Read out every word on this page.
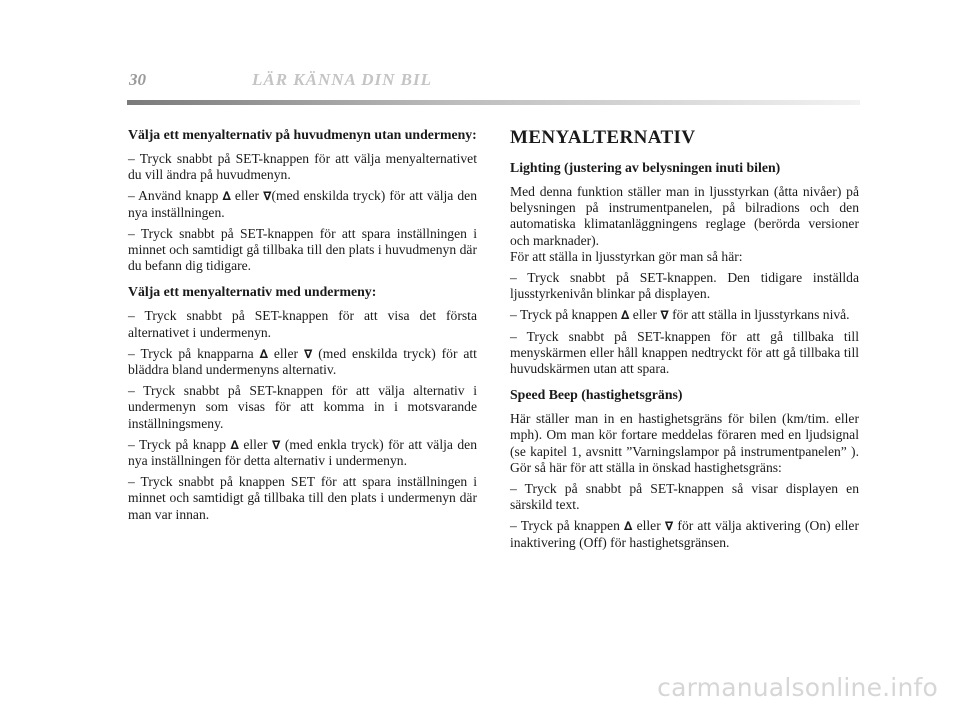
30	LÄR KÄNNA DIN BIL
Välja ett menyalternativ på huvudmenyn utan undermeny:

– Tryck snabbt på SET-knappen för att välja menyalternativet du vill ändra på huvudmenyn.

– Använd knapp ∆ eller ∇(med enskilda tryck) för att välja den nya inställningen.

– Tryck snabbt på SET-knappen för att spara inställningen i minnet och samtidigt gå tillbaka till den plats i huvudmenyn där du befann dig tidigare.

Välja ett menyalternativ med undermeny:

– Tryck snabbt på SET-knappen för att visa det första alternativet i undermenyn.

– Tryck på knapparna ∆ eller ∇ (med enskilda tryck) för att bläddra bland undermenyns alternativ.

– Tryck snabbt på SET-knappen för att välja alternativ i undermenyn som visas för att komma in i motsvarande inställningsmeny.

– Tryck på knapp ∆ eller ∇ (med enkla tryck) för att välja den nya inställningen för detta alternativ i undermenyn.

– Tryck snabbt på knappen SET för att spara inställningen i minnet och samtidigt gå tillbaka till den plats i undermenyn där man var innan.

MENYALTERNATIV
Lighting (justering av belysningen inuti bilen)

Med denna funktion ställer man in ljusstyrkan (åtta nivåer) på belysningen på instrumentpanelen, på bilradions och den automatiska klimatanläggningens reglage (berörda versioner och marknader).

För att ställa in ljusstyrkan gör man så här:

– Tryck snabbt på SET-knappen. Den tidigare inställda ljusstyrkenivån blinkar på displayen.

– Tryck på knappen ∆ eller ∇ för att ställa in ljusstyrkans nivå.

– Tryck snabbt på SET-knappen för att gå tillbaka till menyskärmen eller håll knappen nedtryckt för att gå tillbaka till huvudskärmen utan att spara.

Speed Beep (hastighetsgräns)

Här ställer man in en hastighetsgräns för bilen (km/tim. eller mph). Om man kör fortare meddelas föraren med en ljudsignal (se kapitel 1, avsnitt ”Varningslampor på instrumentpanelen” ). Gör så här för att ställa in önskad hastighetsgräns:

– Tryck på snabbt på SET-knappen så visar displayen en särskild text.

– Tryck på knappen ∆ eller ∇ för att välja aktivering (On) eller inaktivering (Off) för hastighetsgränsen.

carmanualsonline.info
